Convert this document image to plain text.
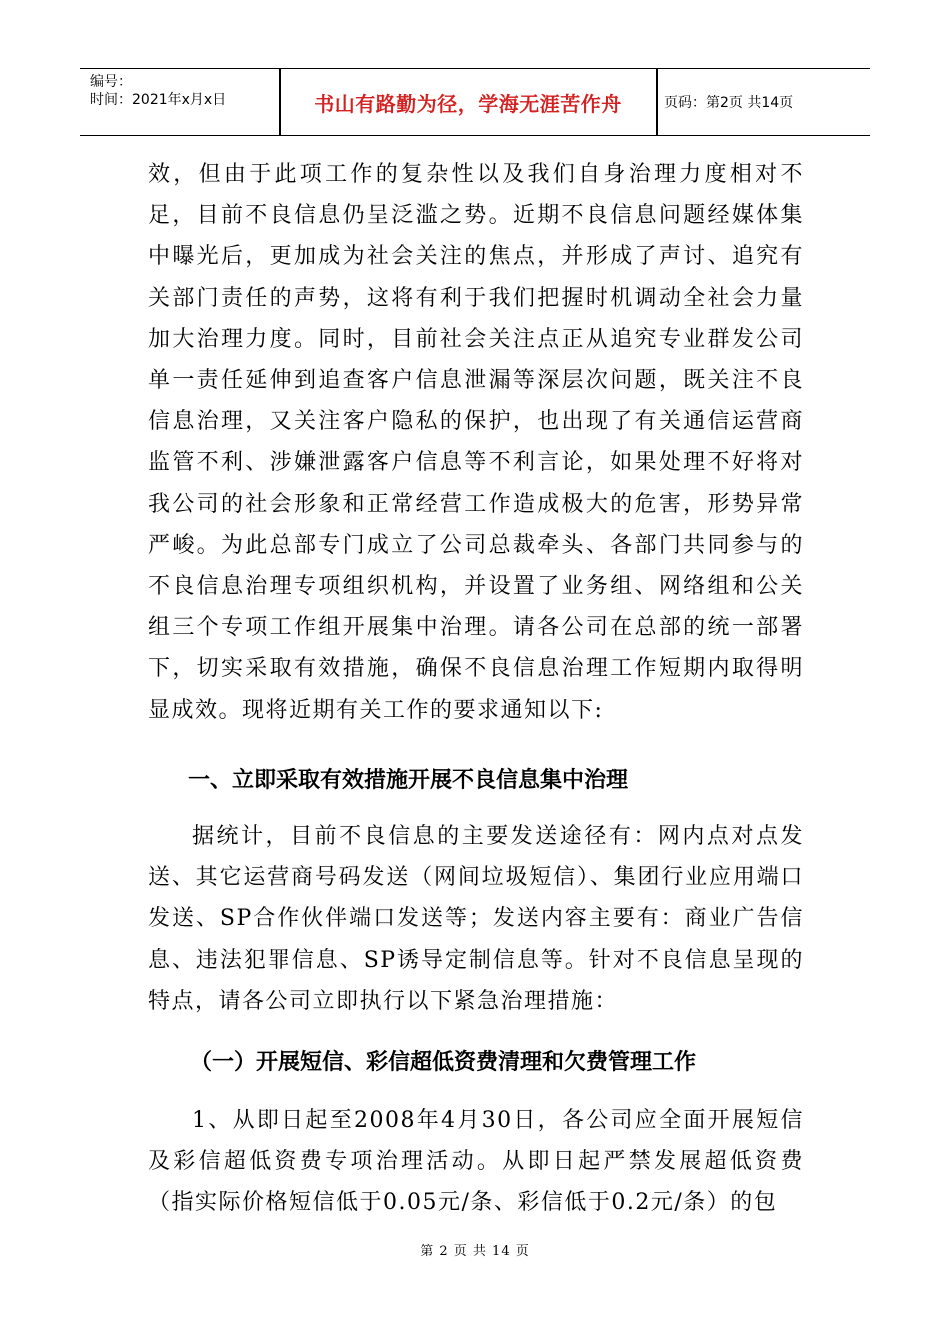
编号：
时间：2021年x月x日	书山有路勤为径，学海无涯苦作舟	页码：第2页 共14页

效，但由于此项工作的复杂性以及我们自身治理力度相对不足，目前不良信息仍呈泛滥之势。近期不良信息问题经媒体集中曝光后，更加成为社会关注的焦点，并形成了声讨、追究有关部门责任的声势，这将有利于我们把握时机调动全社会力量加大治理力度。同时，目前社会关注点正从追究专业群发公司单一责任延伸到追查客户信息泄漏等深层次问题，既关注不良信息治理，又关注客户隐私的保护，也出现了有关通信运营商监管不利、涉嫌泄露客户信息等不利言论，如果处理不好将对我公司的社会形象和正常经营工作造成极大的危害，形势异常严峻。为此总部专门成立了公司总裁牵头、各部门共同参与的不良信息治理专项组织机构，并设置了业务组、网络组和公关组三个专项工作组开展集中治理。请各公司在总部的统一部署下，切实采取有效措施，确保不良信息治理工作短期内取得明显成效。现将近期有关工作的要求通知以下:

一、立即采取有效措施开展不良信息集中治理

据统计，目前不良信息的主要发送途径有：网内点对点发送、其它运营商号码发送（网间垃圾短信）、集团行业应用端口发送、SP合作伙伴端口发送等；发送内容主要有：商业广告信息、违法犯罪信息、SP诱导定制信息等。针对不良信息呈现的特点，请各公司立即执行以下紧急治理措施：

（一）开展短信、彩信超低资费清理和欠费管理工作

1、从即日起至2008年4月30日，各公司应全面开展短信及彩信超低资费专项治理活动。从即日起严禁发展超低资费（指实际价格短信低于0.05元/条、彩信低于0.2元/条）的包

第 2 页 共 14 页
